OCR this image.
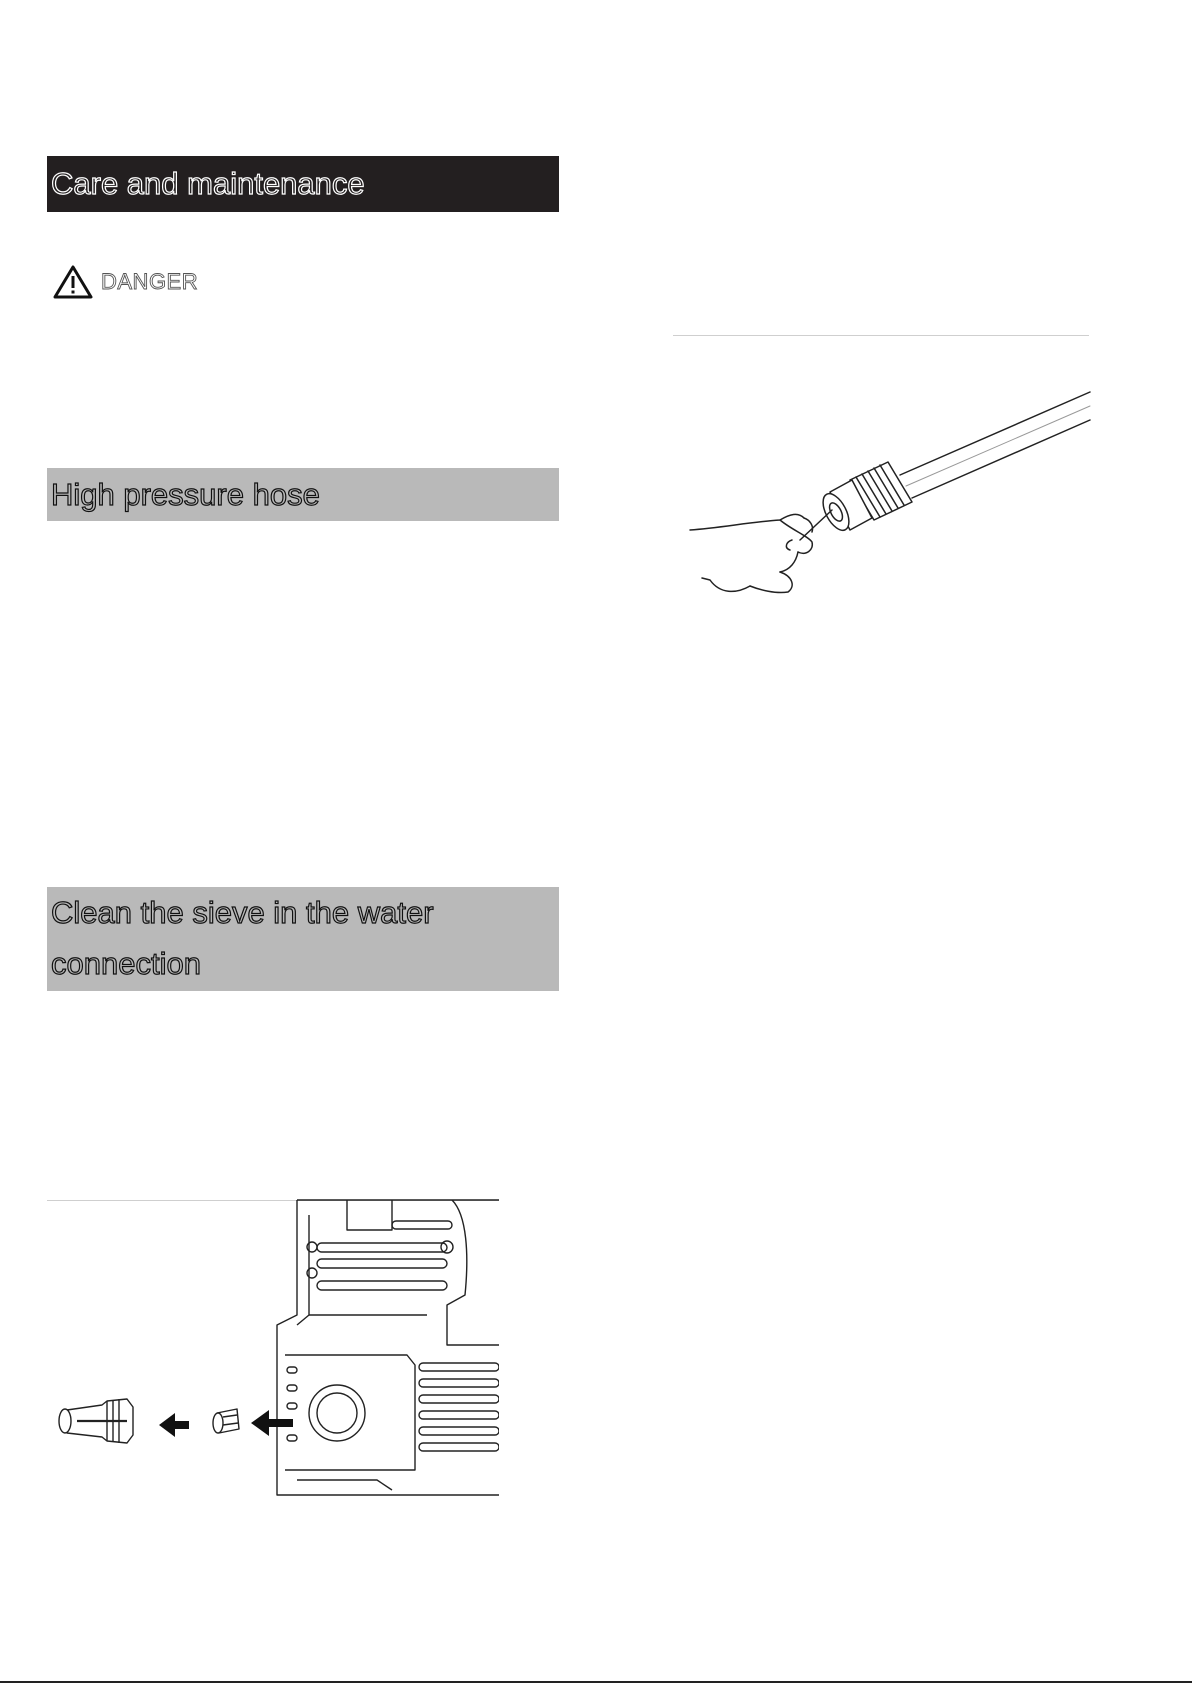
Care and maintenance
DANGER
High pressure hose
Clean the sieve in the water
connection
